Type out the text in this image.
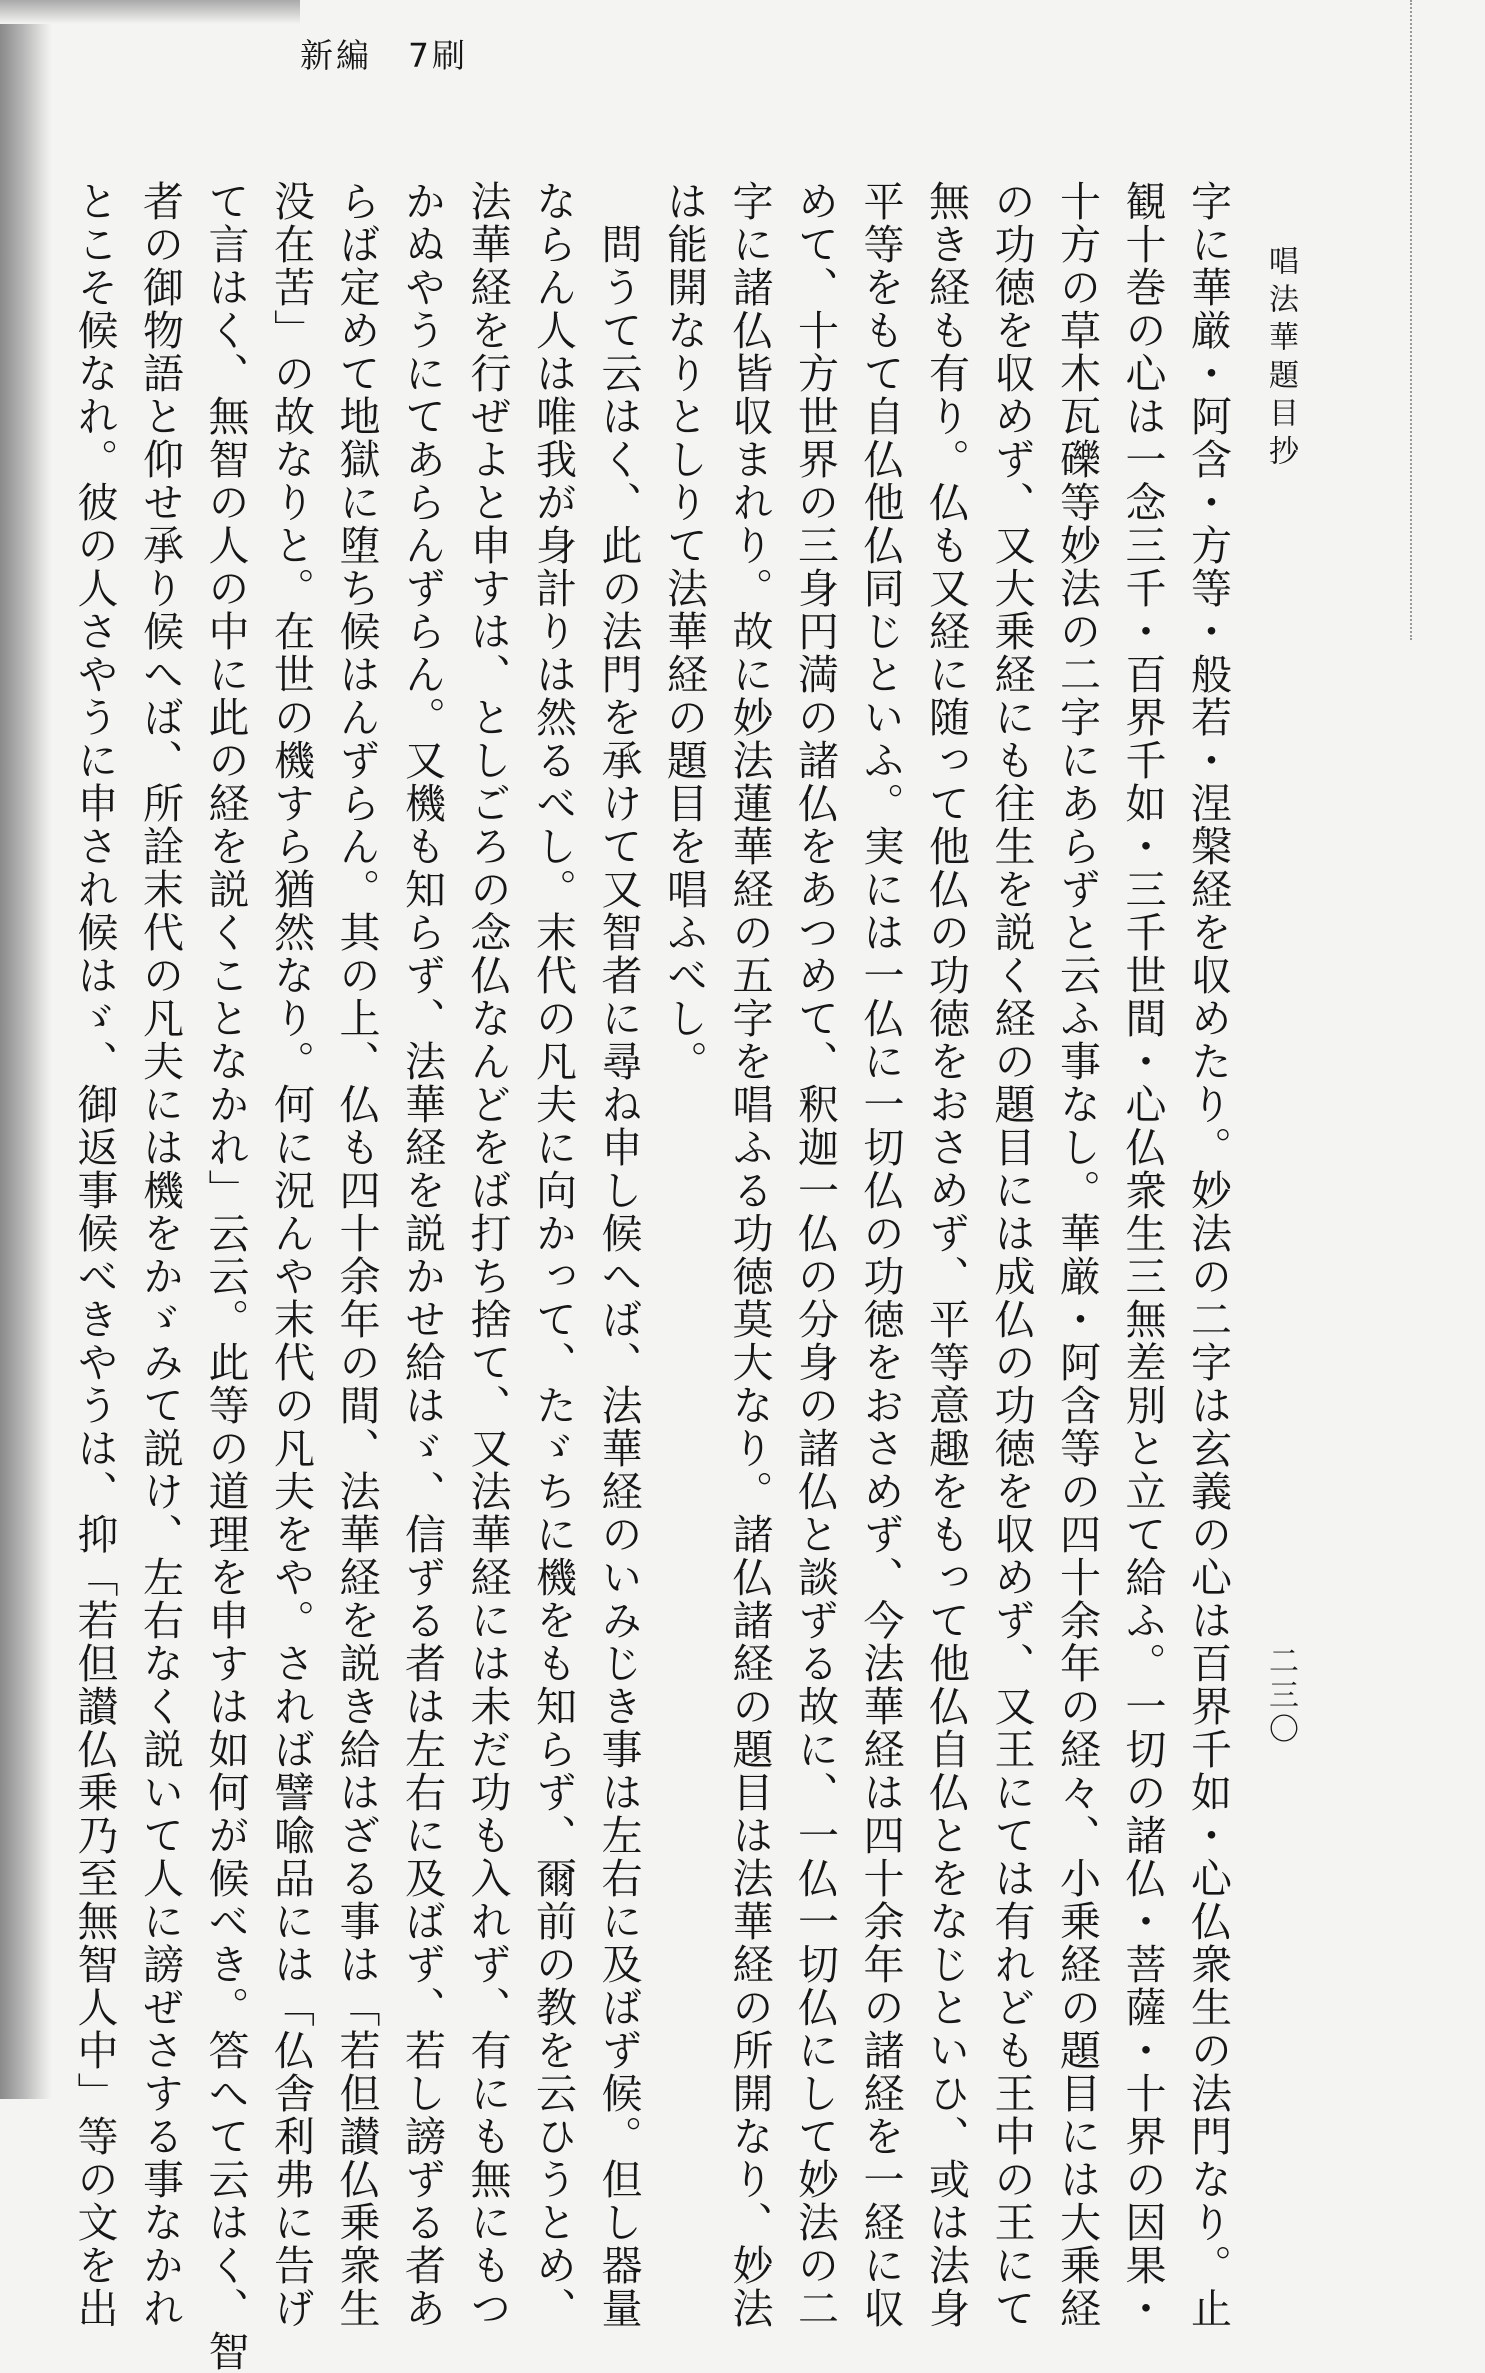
新編　7刷
唱法華題目抄
二三〇

字に華厳・阿含・方等・般若・涅槃経を収めたり。妙法の二字は玄義の心は百界千如・心仏衆生の法門なり。止

観十巻の心は一念三千・百界千如・三千世間・心仏衆生三無差別と立て給ふ。一切の諸仏・菩薩・十界の因果・

十方の草木瓦礫等妙法の二字にあらずと云ふ事なし。華厳・阿含等の四十余年の経々、小乗経の題目には大乗経

の功徳を収めず、又大乗経にも往生を説く経の題目には成仏の功徳を収めず、又王にては有れども王中の王にて

無き経も有り。仏も又経に随って他仏の功徳をおさめず、平等意趣をもって他仏自仏とをなじといひ、或は法身

平等をもて自仏他仏同じといふ。実には一仏に一切仏の功徳をおさめず、今法華経は四十余年の諸経を一経に収

めて、十方世界の三身円満の諸仏をあつめて、釈迦一仏の分身の諸仏と談ずる故に、一仏一切仏にして妙法の二

字に諸仏皆収まれり。故に妙法蓮華経の五字を唱ふる功徳莫大なり。諸仏諸経の題目は法華経の所開なり、妙法

は能開なりとしりて法華経の題目を唱ふべし。

　問うて云はく、此の法門を承けて又智者に尋ね申し候へば、法華経のいみじき事は左右に及ばず候。但し器量

ならん人は唯我が身計りは然るべし。末代の凡夫に向かって、たゞちに機をも知らず、爾前の教を云ひうとめ、

法華経を行ぜよと申すは、としごろの念仏なんどをば打ち捨て、又法華経には未だ功も入れず、有にも無にもつ

かぬやうにてあらんずらん。又機も知らず、法華経を説かせ給はゞ、信ずる者は左右に及ばず、若し謗ずる者あ

らば定めて地獄に堕ち候はんずらん。其の上、仏も四十余年の間、法華経を説き給はざる事は「若但讃仏乗衆生

没在苦」の故なりと。在世の機すら猶然なり。何に況んや末代の凡夫をや。されば譬喩品には「仏舎利弗に告げ

て言はく、無智の人の中に此の経を説くことなかれ」云云。此等の道理を申すは如何が候べき。答へて云はく、智

者の御物語と仰せ承り候へば、所詮末代の凡夫には機をかゞみて説け、左右なく説いて人に謗ぜさする事なかれ

とこそ候なれ。彼の人さやうに申され候はゞ、御返事候べきやうは、抑「若但讃仏乗乃至無智人中」等の文を出
